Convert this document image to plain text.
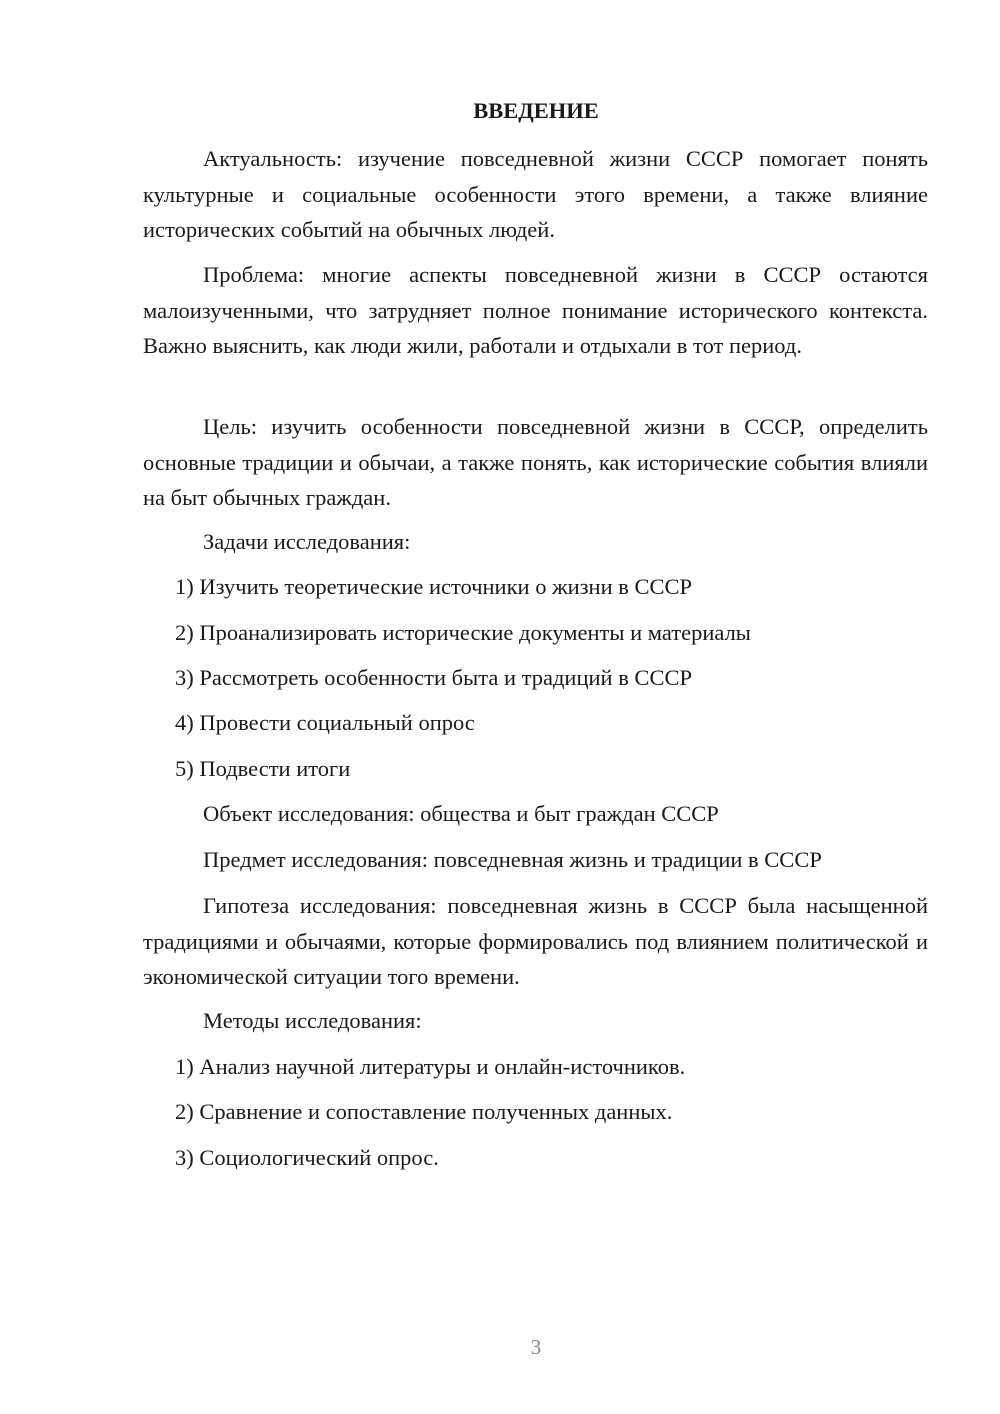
ВВЕДЕНИЕ

Актуальность: изучение повседневной жизни СССР помогает понять культурные и социальные особенности этого времени, а также влияние исторических событий на обычных людей.

Проблема: многие аспекты повседневной жизни в СССР остаются малоизученными, что затрудняет полное понимание исторического контекста. Важно выяснить, как люди жили, работали и отдыхали в тот период.

Цель: изучить особенности повседневной жизни в СССР, определить основные традиции и обычаи, а также понять, как исторические события влияли на быт обычных граждан.

Задачи исследования:

1) Изучить теоретические источники о жизни в СССР

2) Проанализировать исторические документы и материалы

3) Рассмотреть особенности быта и традиций в СССР

4) Провести социальный опрос

5) Подвести итоги

Объект исследования: общества и быт граждан СССР

Предмет исследования: повседневная жизнь и традиции в СССР

Гипотеза исследования: повседневная жизнь в СССР была насыщенной традициями и обычаями, которые формировались под влиянием политической и экономической ситуации того времени.

Методы исследования:

1) Анализ научной литературы и онлайн-источников.

2) Сравнение и сопоставление полученных данных.

3) Социологический опрос.

3
